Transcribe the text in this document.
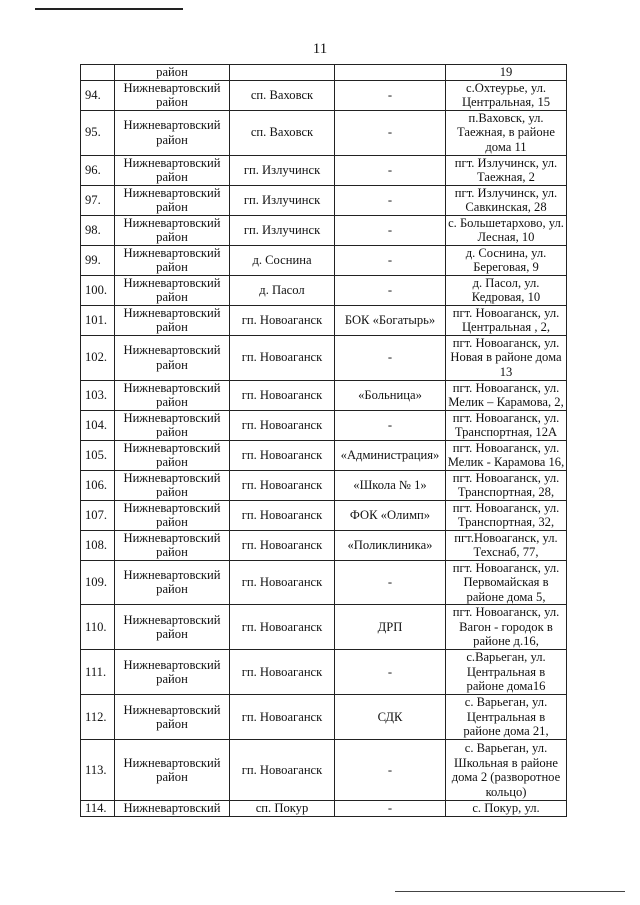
11
	район			19
94.	Нижневартовский район	сп. Ваховск	-	с.Охтеурье, ул. Центральная, 15
95.	Нижневартовский район	сп. Ваховск	-	п.Ваховск, ул. Таежная, в районе дома 11
96.	Нижневартовский район	гп. Излучинск	-	пгт. Излучинск, ул. Таежная, 2
97.	Нижневартовский район	гп. Излучинск	-	пгт. Излучинск, ул. Савкинская, 28
98.	Нижневартовский район	гп. Излучинск	-	с. Большетархово, ул. Лесная, 10
99.	Нижневартовский район	д. Соснина	-	д. Соснина, ул. Береговая, 9
100.	Нижневартовский район	д. Пасол	-	д. Пасол, ул. Кедровая, 10
101.	Нижневартовский район	гп. Новоаганск	БОК «Богатырь»	пгт. Новоаганск, ул. Центральная , 2,
102.	Нижневартовский район	гп. Новоаганск	-	пгт. Новоаганск, ул. Новая в районе дома 13
103.	Нижневартовский район	гп. Новоаганск	«Больница»	пгт. Новоаганск, ул. Мелик – Карамова, 2,
104.	Нижневартовский район	гп. Новоаганск	-	пгт. Новоаганск, ул. Транспортная, 12А
105.	Нижневартовский район	гп. Новоаганск	«Администрация»	пгт. Новоаганск, ул. Мелик - Карамова 16,
106.	Нижневартовский район	гп. Новоаганск	«Школа № 1»	пгт. Новоаганск, ул. Транспортная, 28,
107.	Нижневартовский район	гп. Новоаганск	ФОК «Олимп»	пгт. Новоаганск, ул. Транспортная, 32,
108.	Нижневартовский район	гп. Новоаганск	«Поликлиника»	пгт.Новоаганск, ул. Техснаб, 77,
109.	Нижневартовский район	гп. Новоаганск	-	пгт. Новоаганск, ул. Первомайская в районе дома 5,
110.	Нижневартовский район	гп. Новоаганск	ДРП	пгт. Новоаганск, ул. Вагон - городок в районе д.16,
111.	Нижневартовский район	гп. Новоаганск	-	с.Варьеган, ул. Центральная в районе дома16
112.	Нижневартовский район	гп. Новоаганск	СДК	с. Варьеган, ул. Центральная в районе дома 21,
113.	Нижневартовский район	гп. Новоаганск	-	с. Варьеган, ул. Школьная в районе дома 2 (разворотное кольцо)
114.	Нижневартовский	сп. Покур	-	с. Покур, ул.
